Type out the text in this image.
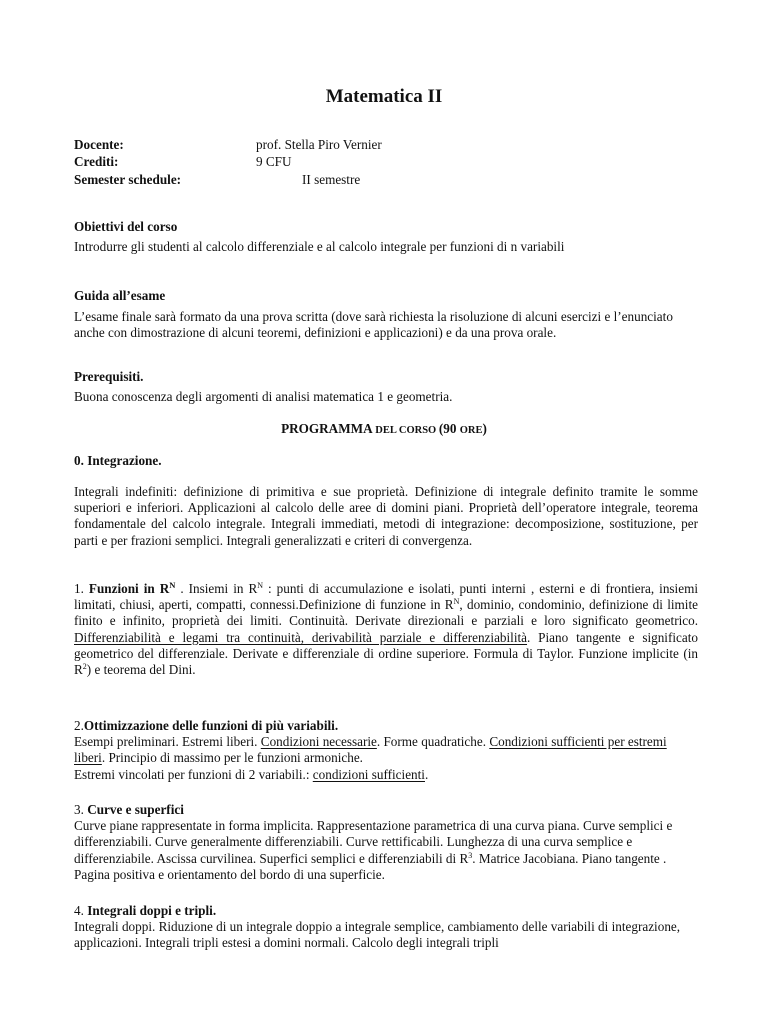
Matematica II
Docente:	prof. Stella Piro Vernier
Crediti:	9 CFU
Semester schedule:	II semestre
Obiettivi del corso
Introdurre gli studenti al calcolo differenziale e al calcolo integrale per funzioni di n variabili
Guida all’esame
L’esame finale sarà formato da una prova scritta (dove sarà richiesta la risoluzione di alcuni esercizi e l’enunciato anche con dimostrazione di alcuni teoremi, definizioni e applicazioni) e da una prova orale.
Prerequisiti.
Buona conoscenza degli argomenti di analisi matematica 1 e geometria.
PROGRAMMA DEL CORSO (90 ORE)
0. Integrazione.
Integrali indefiniti: definizione di primitiva e sue proprietà. Definizione di integrale definito tramite le somme superiori e inferiori. Applicazioni al calcolo delle aree di domini piani. Proprietà dell’operatore integrale, teorema fondamentale del calcolo integrale. Integrali immediati, metodi di integrazione: decomposizione, sostituzione, per parti e per frazioni semplici. Integrali generalizzati e criteri di convergenza.
1. Funzioni in $R^N$ . Insiemi in $R^N$ : punti di accumulazione e isolati, punti interni , esterni e di frontiera, insiemi limitati, chiusi, aperti, compatti, connessi.Definizione di funzione in $R^N$, dominio, condominio, definizione di limite finito e infinito, proprietà dei limiti. Continuità. Derivate direzionali e parziali e loro significato geometrico. Differenziabilità e legami tra continuità, derivabilità parziale e differenziabilità. Piano tangente e significato geometrico del differenziale. Derivate e differenziale di ordine superiore. Formula di Taylor. Funzione implicite (in $R^2$) e teorema del Dini.
2.Ottimizzazione delle funzioni di più variabili.
Esempi preliminari. Estremi liberi. Condizioni necessarie. Forme quadratiche. Condizioni sufficienti per estremi liberi. Principio di massimo per le funzioni armoniche.
Estremi vincolati per funzioni di 2 variabili.: condizioni sufficienti.
3. Curve e superfici
Curve piane rappresentate in forma implicita. Rappresentazione parametrica di una curva piana. Curve semplici e differenziabili. Curve generalmente differenziabili. Curve rettificabili. Lunghezza di una curva semplice e differenziabile. Ascissa curvilinea. Superfici semplici e differenziabili di $R^3$. Matrice Jacobiana. Piano tangente . Pagina positiva e orientamento del bordo di una superficie.
4. Integrali doppi e tripli.
Integrali doppi. Riduzione di un integrale doppio a integrale semplice, cambiamento delle variabili di integrazione, applicazioni. Integrali tripli estesi a domini normali. Calcolo degli integrali tripli
